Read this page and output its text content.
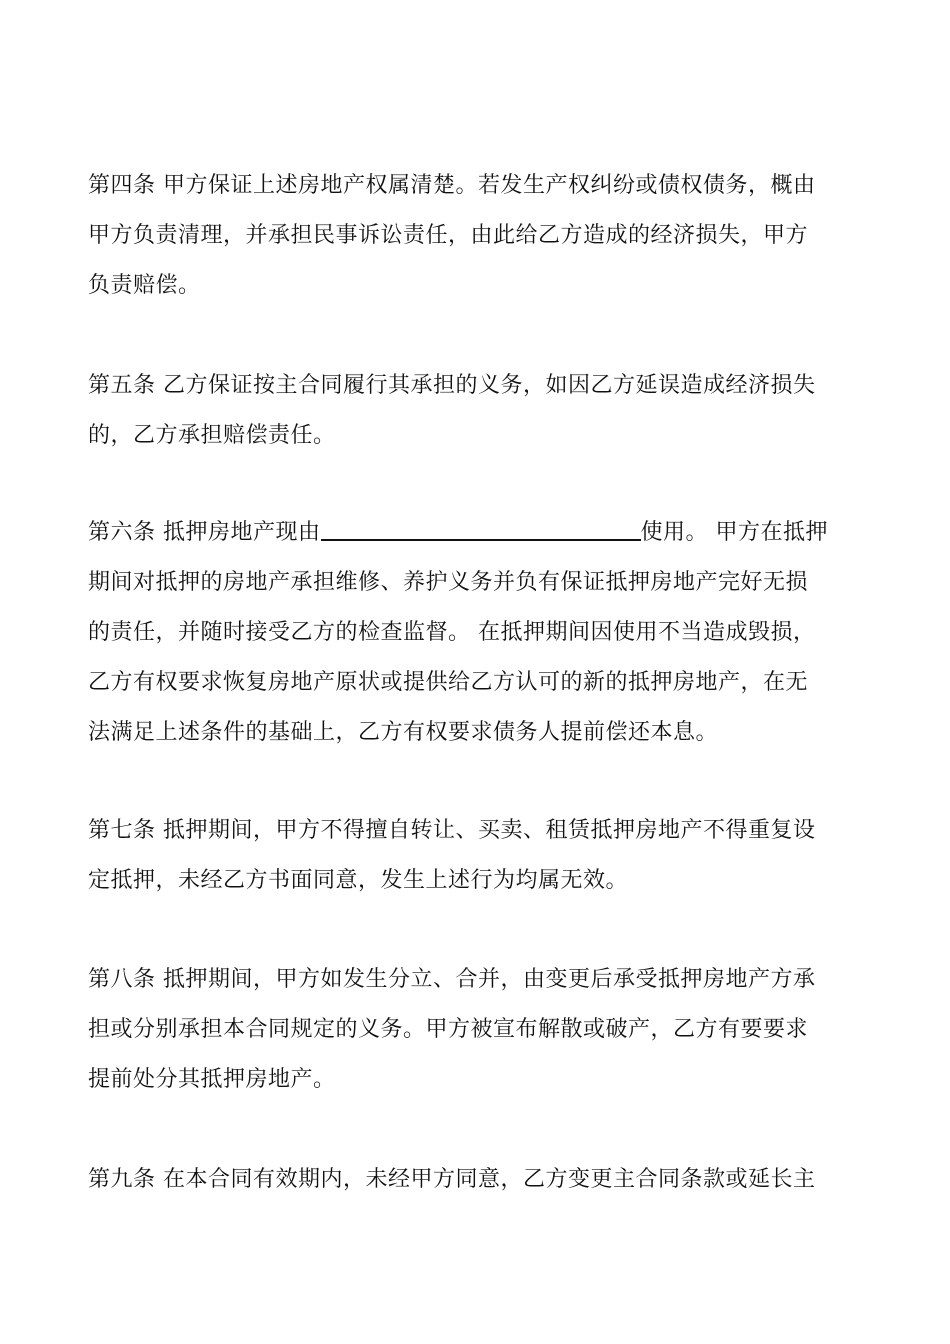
第四条 甲方保证上述房地产权属清楚。若发生产权纠纷或债权债务，概由
甲方负责清理，并承担民事诉讼责任，由此给乙方造成的经济损失，甲方
负责赔偿。
第五条 乙方保证按主合同履行其承担的义务，如因乙方延误造成经济损失
的，乙方承担赔偿责任。
第六条 抵押房地产现由	使用。 甲方在抵押
期间对抵押的房地产承担维修、养护义务并负有保证抵押房地产完好无损
的责任，并随时接受乙方的检查监督。 在抵押期间因使用不当造成毁损，
乙方有权要求恢复房地产原状或提供给乙方认可的新的抵押房地产，在无
法满足上述条件的基础上，乙方有权要求债务人提前偿还本息。
第七条 抵押期间，甲方不得擅自转让、买卖、租赁抵押房地产不得重复设
定抵押，未经乙方书面同意，发生上述行为均属无效。
第八条 抵押期间，甲方如发生分立、合并，由变更后承受抵押房地产方承
担或分别承担本合同规定的义务。甲方被宣布解散或破产，乙方有要要求
提前处分其抵押房地产。
第九条 在本合同有效期内，未经甲方同意，乙方变更主合同条款或延长主
